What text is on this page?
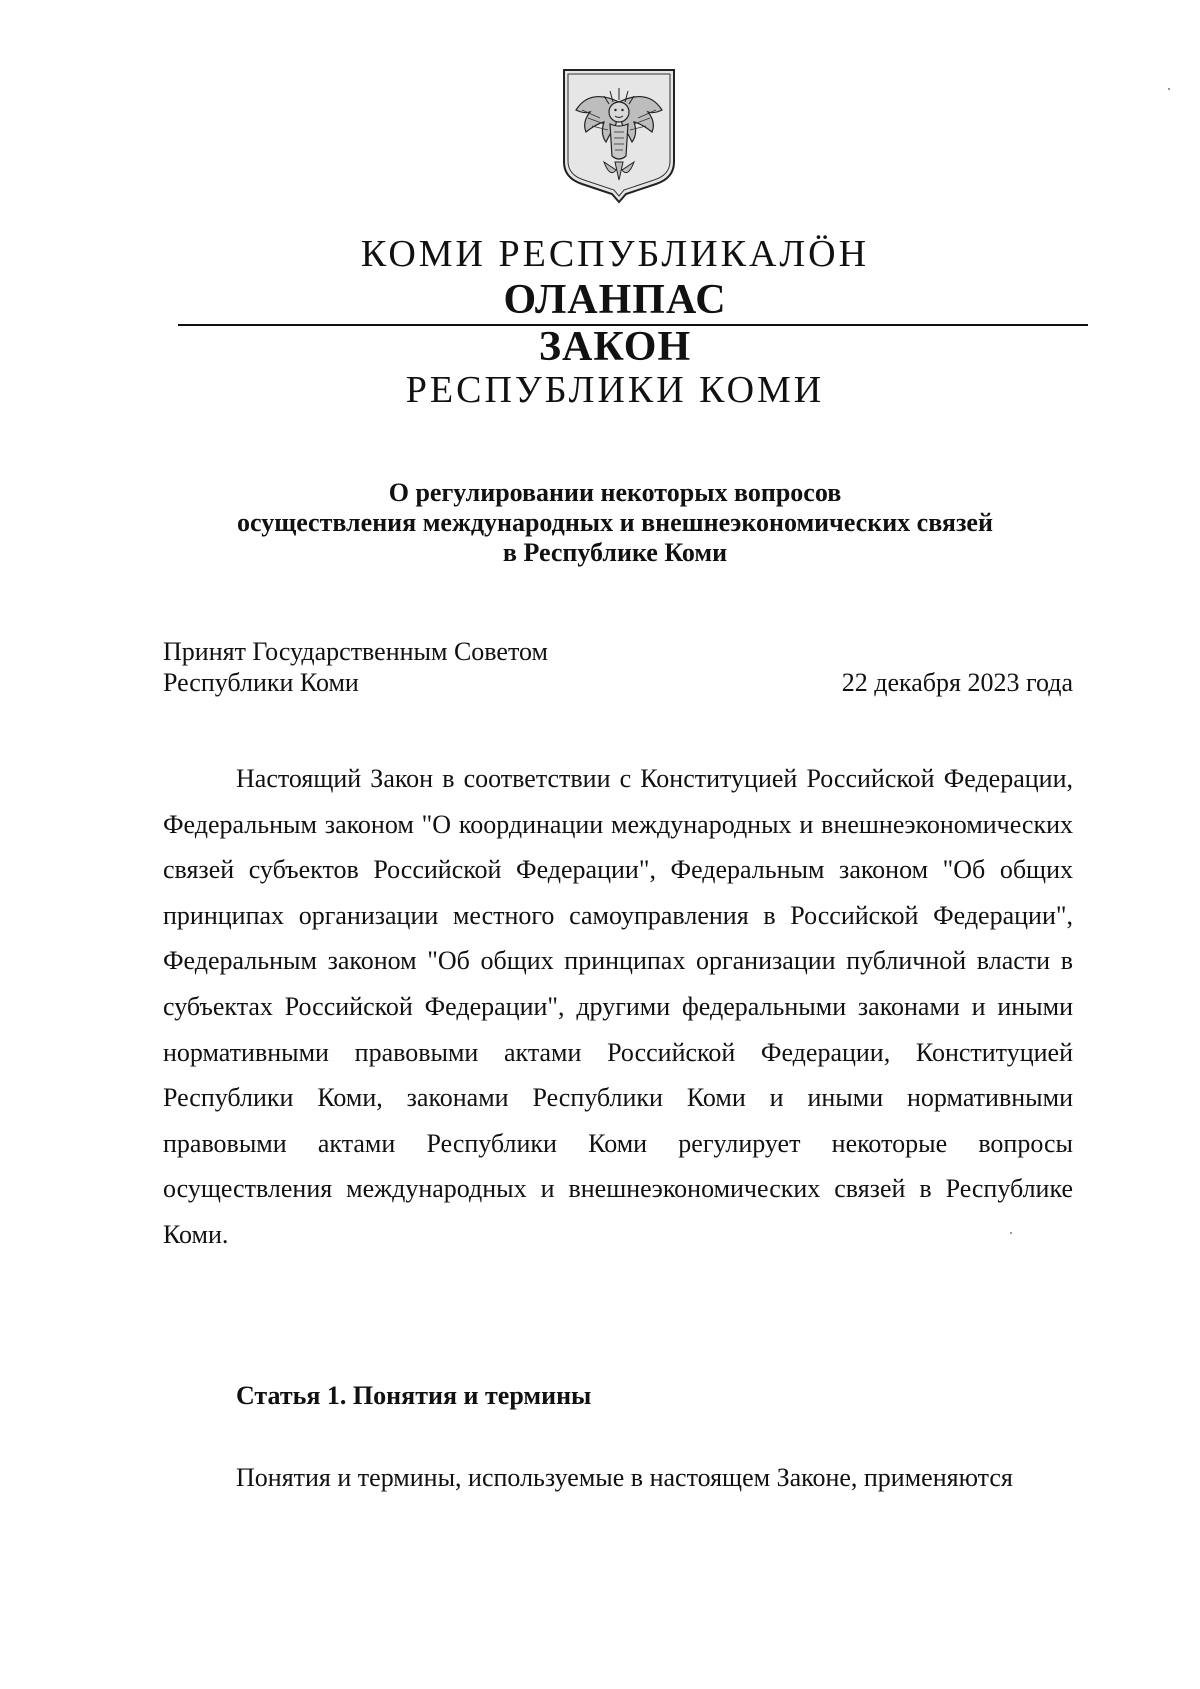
КОМИ РЕСПУБЛИКАЛÖН
ОЛАНПАС
ЗАКОН
РЕСПУБЛИКИ КОМИ
О регулировании некоторых вопросов
осуществления международных и внешнеэкономических связей
в Республике Коми
Принят Государственным Советом
Республики Коми	22 декабря 2023 года

Настоящий Закон в соответствии с Конституцией Российской Федерации, Федеральным законом "О координации международных и внешнеэкономических связей субъектов Российской Федерации", Федеральным законом "Об общих принципах организации местного самоуправления в Российской Федерации", Федеральным законом "Об общих принципах организации публичной власти в субъектах Российской Федерации", другими федеральными законами и иными нормативными правовыми актами Российской Федерации, Конституцией Республики Коми, законами Республики Коми и иными нормативными правовыми актами Республики Коми регулирует некоторые вопросы осуществления международных и внешнеэкономических связей в Республике Коми.

Статья 1. Понятия и термины

Понятия и термины, используемые в настоящем Законе, применяются
